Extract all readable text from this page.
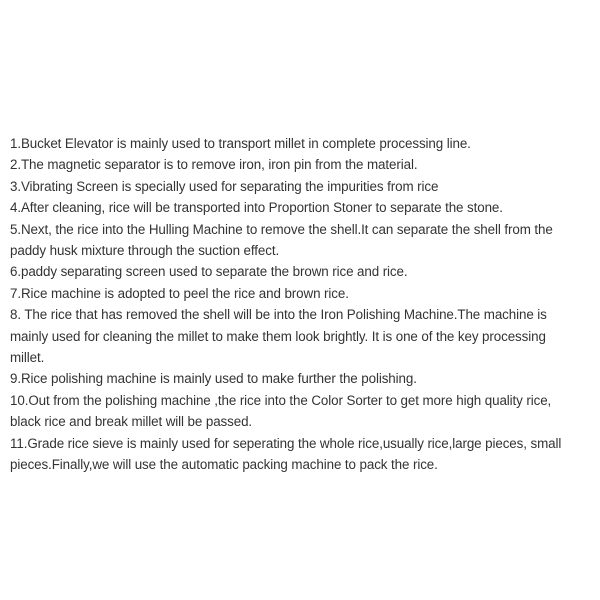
1.Bucket Elevator is mainly used to transport millet in complete processing line.
2.The magnetic separator is to remove iron, iron pin from the material.
3.Vibrating Screen is specially used for separating the impurities from rice
4.After cleaning, rice will be transported into Proportion Stoner to separate the stone.
5.Next, the rice into the Hulling Machine to remove the shell.It can separate the shell from the
paddy husk mixture through the suction effect.
6.paddy separating screen used to separate the brown rice and rice.
7.Rice machine is adopted to peel the rice and brown rice.
8. The rice that has removed the shell will be into the Iron Polishing Machine.The machine is
mainly used for cleaning the millet to make them look brightly. It is one of the key processing
millet.
9.Rice polishing machine is mainly used to make further the polishing.
10.Out from the polishing machine ,the rice into the Color Sorter to get more high quality rice,
black rice and break millet will be passed.
11.Grade rice sieve is mainly used for seperating the whole rice,usually rice,large pieces, small
pieces.Finally,we will use the automatic packing machine to pack the rice.
